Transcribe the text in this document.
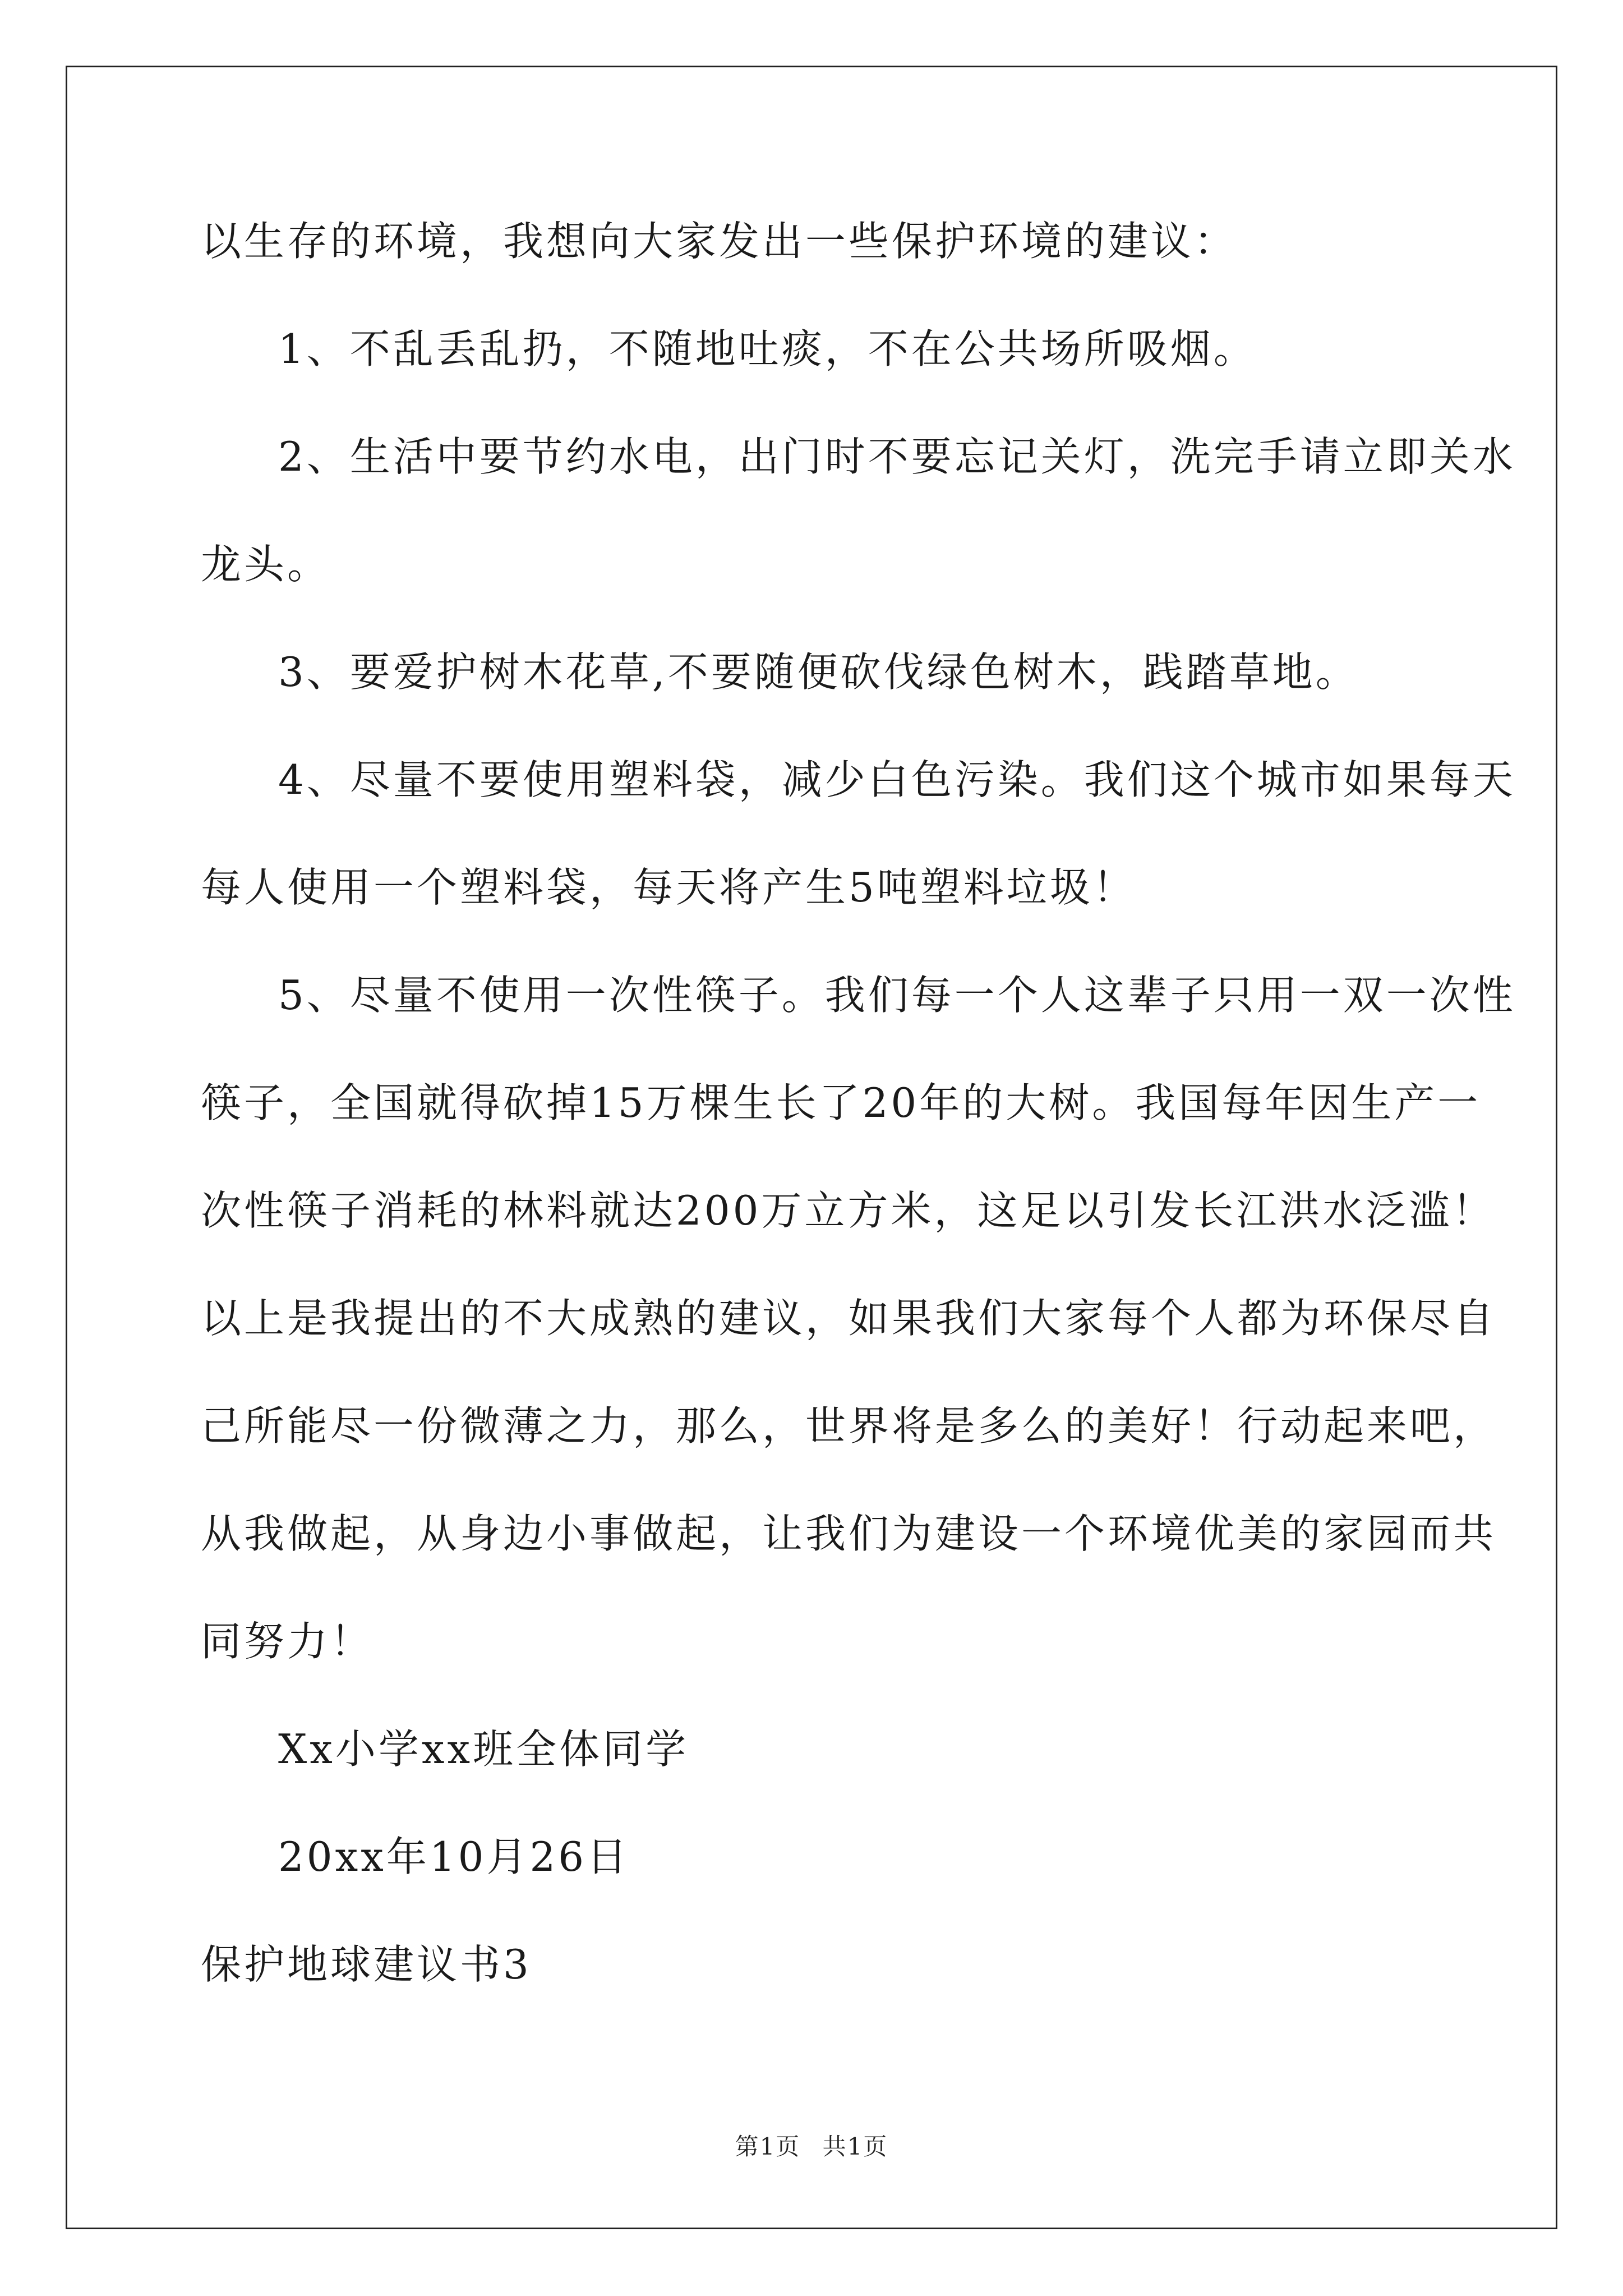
以生存的环境，我想向大家发出一些保护环境的建议：
1、不乱丢乱扔，不随地吐痰，不在公共场所吸烟。
2、生活中要节约水电，出门时不要忘记关灯，洗完手请立即关水
龙头。
3、要爱护树木花草,不要随便砍伐绿色树木，践踏草地。
4、尽量不要使用塑料袋，减少白色污染。我们这个城市如果每天
每人使用一个塑料袋，每天将产生5吨塑料垃圾！
5、尽量不使用一次性筷子。我们每一个人这辈子只用一双一次性
筷子，全国就得砍掉15万棵生长了20年的大树。我国每年因生产一
次性筷子消耗的林料就达200万立方米，这足以引发长江洪水泛滥！
以上是我提出的不大成熟的建议，如果我们大家每个人都为环保尽自
己所能尽一份微薄之力，那么，世界将是多么的美好！行动起来吧，
从我做起，从身边小事做起，让我们为建设一个环境优美的家园而共
同努力！
Xx小学xx班全体同学
20xx年10月26日
保护地球建议书3
第1页 共1页
